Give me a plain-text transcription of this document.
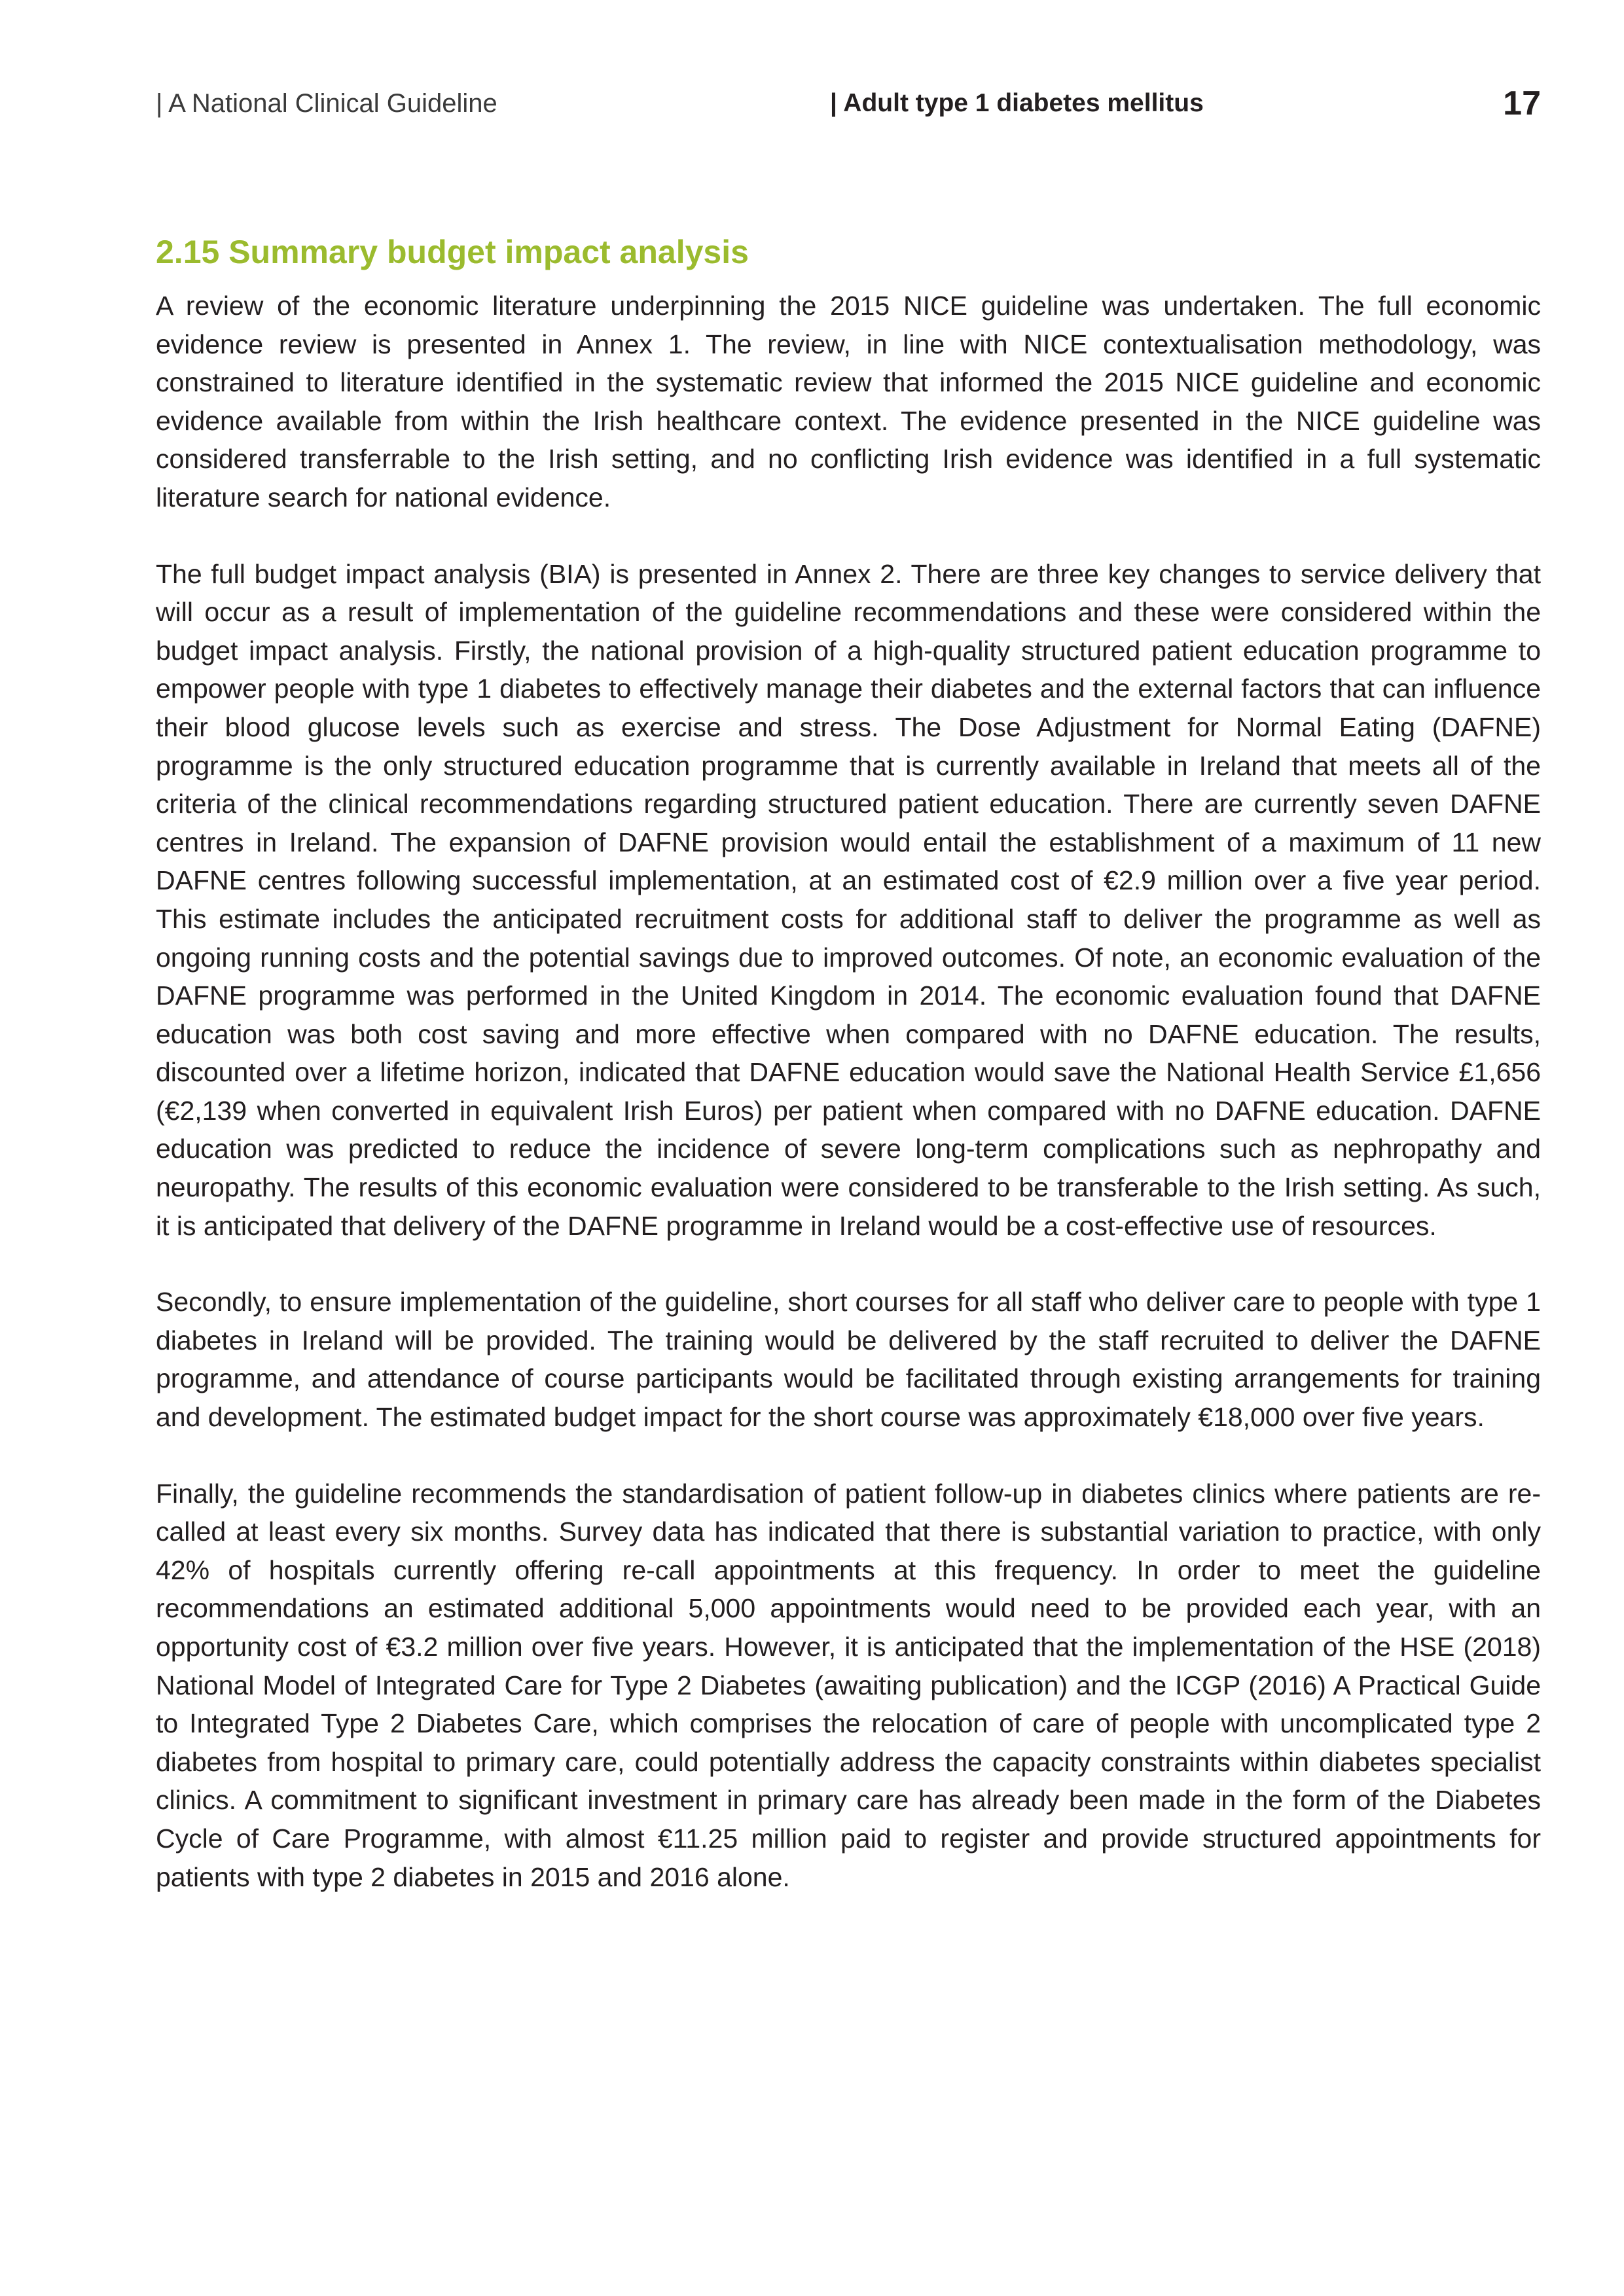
| A National Clinical Guideline	| Adult type 1 diabetes mellitus	17
2.15 Summary budget impact analysis

A review of the economic literature underpinning the 2015 NICE guideline was undertaken. The full economic evidence review is presented in Annex 1. The review, in line with NICE contextualisation methodology, was constrained to literature identified in the systematic review that informed the 2015 NICE guideline and economic evidence available from within the Irish healthcare context. The evidence presented in the NICE guideline was considered transferrable to the Irish setting, and no conflicting Irish evidence was identified in a full systematic literature search for national evidence.

The full budget impact analysis (BIA) is presented in Annex 2. There are three key changes to service delivery that will occur as a result of implementation of the guideline recommendations and these were considered within the budget impact analysis. Firstly, the national provision of a high-quality structured patient education programme to empower people with type 1 diabetes to effectively manage their diabetes and the external factors that can influence their blood glucose levels such as exercise and stress. The Dose Adjustment for Normal Eating (DAFNE) programme is the only structured education programme that is currently available in Ireland that meets all of the criteria of the clinical recommendations regarding structured patient education. There are currently seven DAFNE centres in Ireland. The expansion of DAFNE provision would entail the establishment of a maximum of 11 new DAFNE centres following successful implementation, at an estimated cost of €2.9 million over a five year period. This estimate includes the anticipated recruitment costs for additional staff to deliver the programme as well as ongoing running costs and the potential savings due to improved outcomes. Of note, an economic evaluation of the DAFNE programme was performed in the United Kingdom in 2014. The economic evaluation found that DAFNE education was both cost saving and more effective when compared with no DAFNE education. The results, discounted over a lifetime horizon, indicated that DAFNE education would save the National Health Service £1,656 (€2,139 when converted in equivalent Irish Euros) per patient when compared with no DAFNE education. DAFNE education was predicted to reduce the incidence of severe long-term complications such as nephropathy and neuropathy. The results of this economic evaluation were considered to be transferable to the Irish setting. As such, it is anticipated that delivery of the DAFNE programme in Ireland would be a cost-effective use of resources.

Secondly, to ensure implementation of the guideline, short courses for all staff who deliver care to people with type 1 diabetes in Ireland will be provided. The training would be delivered by the staff recruited to deliver the DAFNE programme, and attendance of course participants would be facilitated through existing arrangements for training and development. The estimated budget impact for the short course was approximately €18,000 over five years.

Finally, the guideline recommends the standardisation of patient follow-up in diabetes clinics where patients are re-called at least every six months. Survey data has indicated that there is substantial variation to practice, with only 42% of hospitals currently offering re-call appointments at this frequency. In order to meet the guideline recommendations an estimated additional 5,000 appointments would need to be provided each year, with an opportunity cost of €3.2 million over five years. However, it is anticipated that the implementation of the HSE (2018) National Model of Integrated Care for Type 2 Diabetes (awaiting publication) and the ICGP (2016) A Practical Guide to Integrated Type 2 Diabetes Care, which comprises the relocation of care of people with uncomplicated type 2 diabetes from hospital to primary care, could potentially address the capacity constraints within diabetes specialist clinics. A commitment to significant investment in primary care has already been made in the form of the Diabetes Cycle of Care Programme, with almost €11.25 million paid to register and provide structured appointments for patients with type 2 diabetes in 2015 and 2016 alone.
